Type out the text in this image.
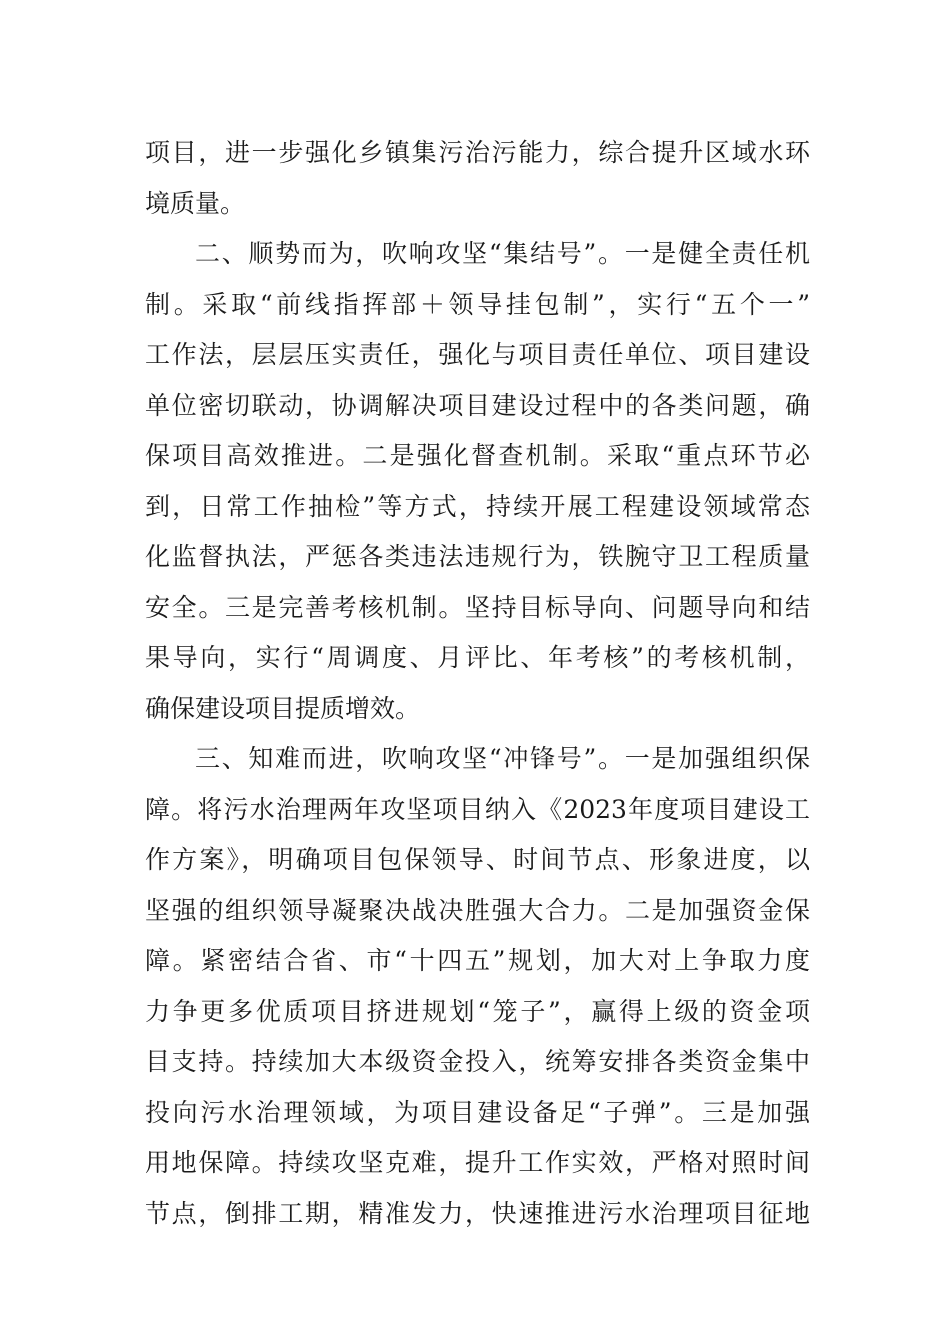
项目，进一步强化乡镇集污治污能力，综合提升区域水环
境质量。
二、顺势而为，吹响攻坚“集结号”。一是健全责任机
制。采取“前线指挥部＋领导挂包制”，实行“五个一”
工作法，层层压实责任，强化与项目责任单位、项目建设
单位密切联动，协调解决项目建设过程中的各类问题，确
保项目高效推进。二是强化督查机制。采取“重点环节必
到，日常工作抽检”等方式，持续开展工程建设领域常态
化监督执法，严惩各类违法违规行为，铁腕守卫工程质量
安全。三是完善考核机制。坚持目标导向、问题导向和结
果导向，实行“周调度、月评比、年考核”的考核机制，
确保建设项目提质增效。
三、知难而进，吹响攻坚“冲锋号”。一是加强组织保
障。将污水治理两年攻坚项目纳入《2023年度项目建设工
作方案》，明确项目包保领导、时间节点、形象进度，以
坚强的组织领导凝聚决战决胜强大合力。二是加强资金保
障。紧密结合省、市“十四五”规划，加大对上争取力度
力争更多优质项目挤进规划“笼子”，赢得上级的资金项
目支持。持续加大本级资金投入，统筹安排各类资金集中
投向污水治理领域，为项目建设备足“子弹”。三是加强
用地保障。持续攻坚克难，提升工作实效，严格对照时间
节点，倒排工期，精准发力，快速推进污水治理项目征地
